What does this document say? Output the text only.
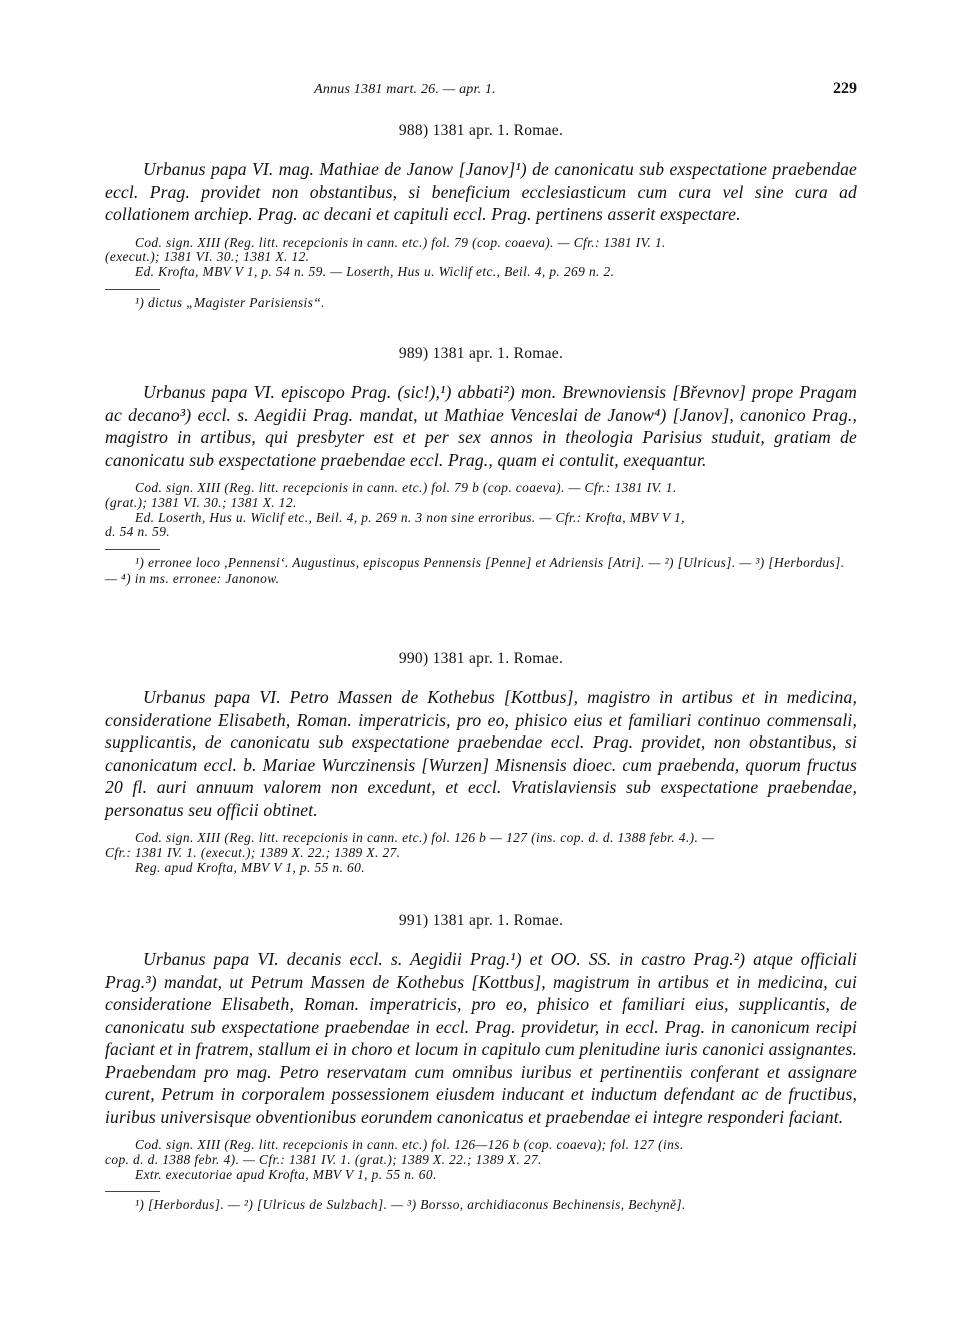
Annus 1381 mart. 26. — apr. 1.	229
988) 1381 apr. 1. Romae.

Urbanus papa VI. mag. Mathiae de Janow [Janov]¹) de canonicatu sub exspectatione praebendae eccl. Prag. providet non obstantibus, si beneficium ecclesiasticum cum cura vel sine cura ad collationem archiep. Prag. ac decani et capituli eccl. Prag. pertinens asserit exspectare.

Cod. sign. XIII (Reg. litt. recepcionis in cann. etc.) fol. 79 (cop. coaeva). — Cfr.: 1381 IV. 1.

(execut.); 1381 VI. 30.; 1381 X. 12.

Ed. Krofta, MBV V 1, p. 54 n. 59. — Loserth, Hus u. Wiclif etc., Beil. 4, p. 269 n. 2.

¹) dictus „Magister Parisiensis“.
989) 1381 apr. 1. Romae.

Urbanus papa VI. episcopo Prag. (sic!),¹) abbati²) mon. Brewnoviensis [Břevnov] prope Pragam ac decano³) eccl. s. Aegidii Prag. mandat, ut Mathiae Venceslai de Janow⁴) [Janov], canonico Prag., magistro in artibus, qui presbyter est et per sex annos in theologia Parisius studuit, gratiam de canonicatu sub exspectatione praebendae eccl. Prag., quam ei contulit, exequantur.

Cod. sign. XIII (Reg. litt. recepcionis in cann. etc.) fol. 79 b (cop. coaeva). — Cfr.: 1381 IV. 1.

(grat.); 1381 VI. 30.; 1381 X. 12.

Ed. Loserth, Hus u. Wiclif etc., Beil. 4, p. 269 n. 3 non sine erroribus. — Cfr.: Krofta, MBV V 1,

d. 54 n. 59.

¹) erronee loco ,Pennensi‘. Augustinus, episcopus Pennensis [Penne] et Adriensis [Atri]. — ²) [Ulricus]. — ³) [Herbordus]. — ⁴) in ms. erronee: Janonow.
990) 1381 apr. 1. Romae.

Urbanus papa VI. Petro Massen de Kothebus [Kottbus], magistro in artibus et in medicina, consideratione Elisabeth, Roman. imperatricis, pro eo, phisico eius et familiari continuo commensali, supplicantis, de canonicatu sub exspectatione praebendae eccl. Prag. providet, non obstantibus, si canonicatum eccl. b. Mariae Wurczinensis [Wurzen] Misnensis dioec. cum praebenda, quorum fructus 20 fl. auri annuum valorem non excedunt, et eccl. Vratislaviensis sub exspectatione praebendae, personatus seu officii obtinet.

Cod. sign. XIII (Reg. litt. recepcionis in cann. etc.) fol. 126 b — 127 (ins. cop. d. d. 1388 febr. 4.). —

Cfr.: 1381 IV. 1. (execut.); 1389 X. 22.; 1389 X. 27.

Reg. apud Krofta, MBV V 1, p. 55 n. 60.

991) 1381 apr. 1. Romae.

Urbanus papa VI. decanis eccl. s. Aegidii Prag.¹) et OO. SS. in castro Prag.²) atque officiali Prag.³) mandat, ut Petrum Massen de Kothebus [Kottbus], magistrum in artibus et in medicina, cui consideratione Elisabeth, Roman. imperatricis, pro eo, phisico et familiari eius, supplicantis, de canonicatu sub exspectatione praebendae in eccl. Prag. providetur, in eccl. Prag. in canonicum recipi faciant et in fratrem, stallum ei in choro et locum in capitulo cum plenitudine iuris canonici assignantes. Praebendam pro mag. Petro reservatam cum omnibus iuribus et pertinentiis conferant et assignare curent, Petrum in corporalem possessionem eiusdem inducant et inductum defendant ac de fructibus, iuribus universisque obventionibus eorundem canonicatus et praebendae ei integre responderi faciant.

Cod. sign. XIII (Reg. litt. recepcionis in cann. etc.) fol. 126—126 b (cop. coaeva); fol. 127 (ins.

cop. d. d. 1388 febr. 4). — Cfr.: 1381 IV. 1. (grat.); 1389 X. 22.; 1389 X. 27.

Extr. executoriae apud Krofta, MBV V 1, p. 55 n. 60.

¹) [Herbordus]. — ²) [Ulricus de Sulzbach]. — ³) Borsso, archidiaconus Bechinensis, Bechyně].
